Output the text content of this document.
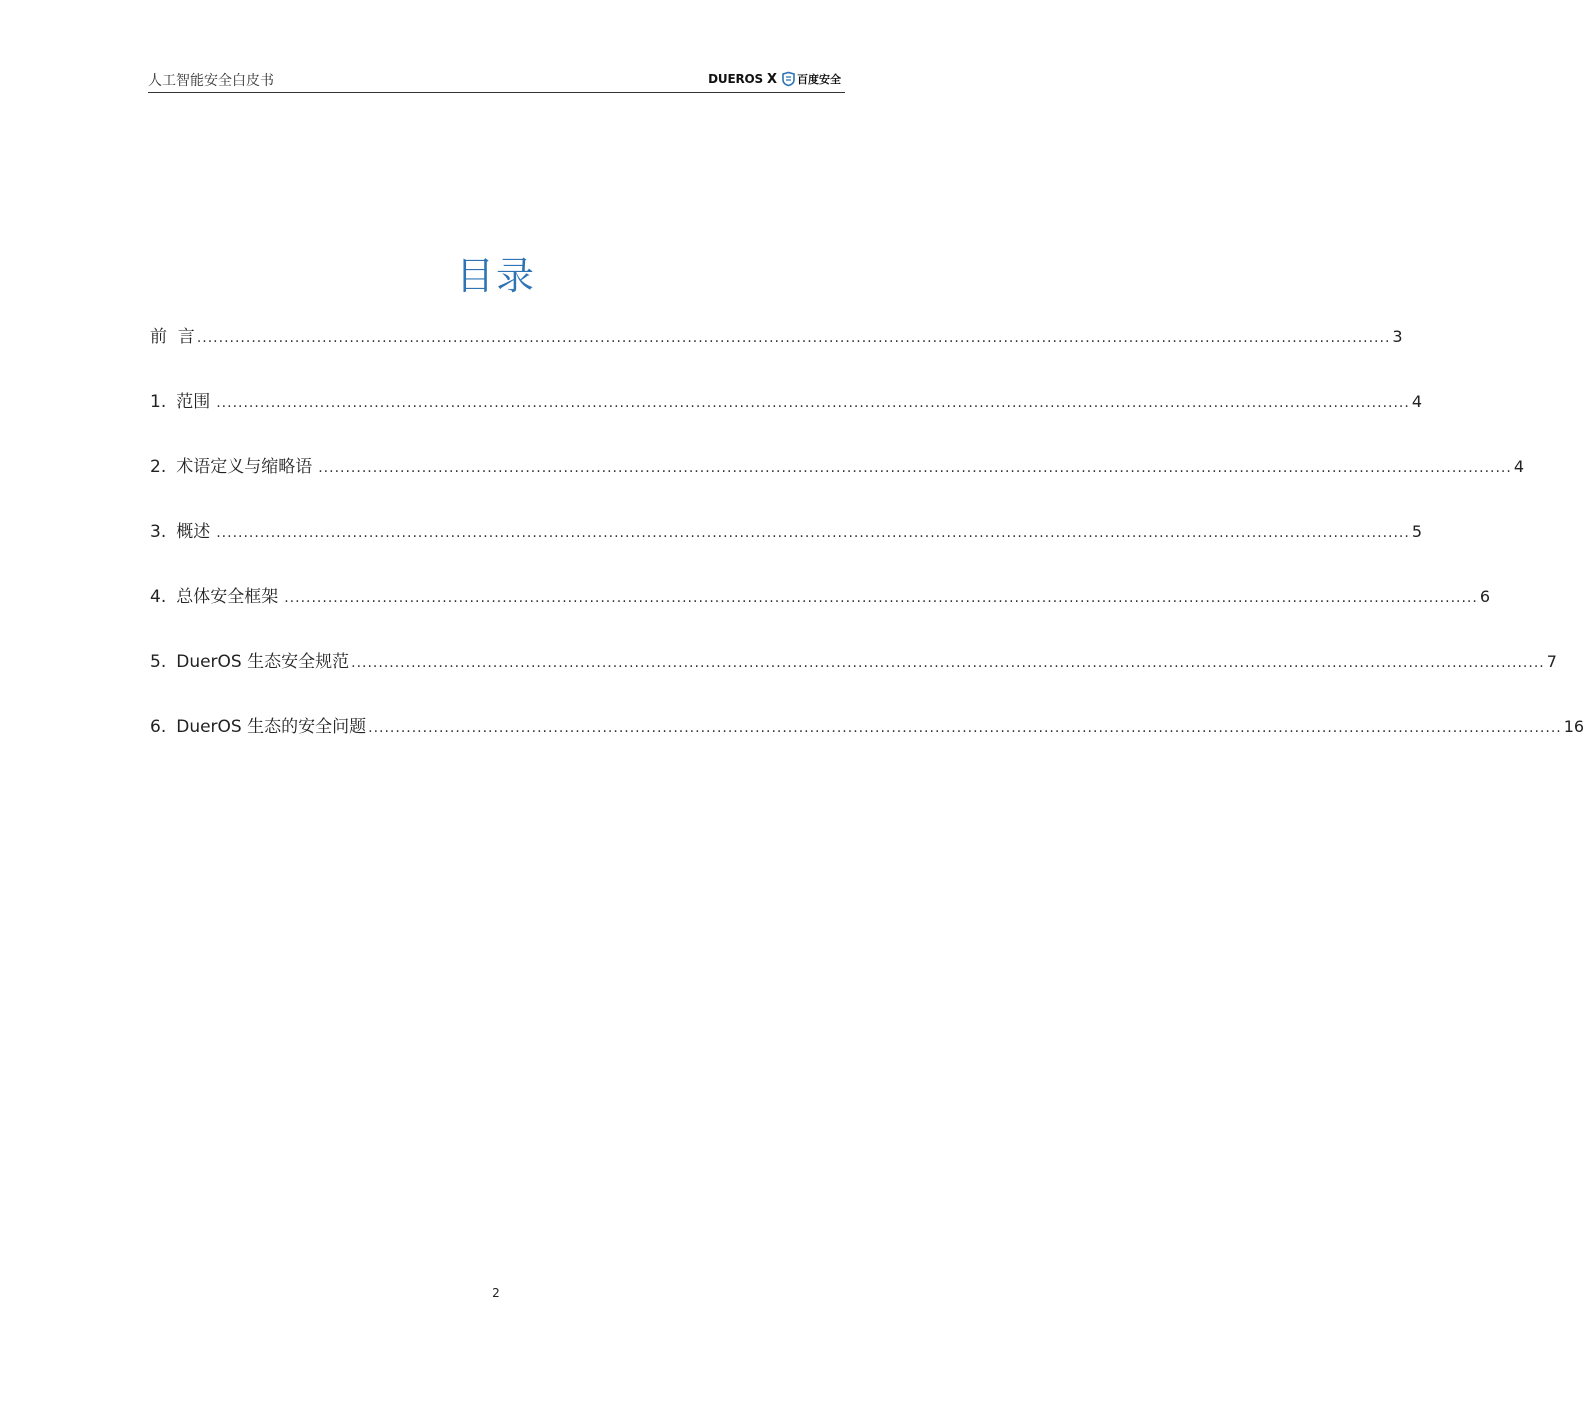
人工智能安全白皮书	DUEROS X 百度安全
目录
前  言 ........................................................................................................................................................................................................................... 3
1. 范围 ........................................................................................................................................................................................................................... 4
2. 术语定义与缩略语 ........................................................................................................................................................................................................................... 4
3. 概述 ........................................................................................................................................................................................................................... 5
4. 总体安全框架 ........................................................................................................................................................................................................................... 6
5. DuerOS 生态安全规范 ........................................................................................................................................................................................................................... 7
6. DuerOS 生态的安全问题 ........................................................................................................................................................................................................................... 16
2
